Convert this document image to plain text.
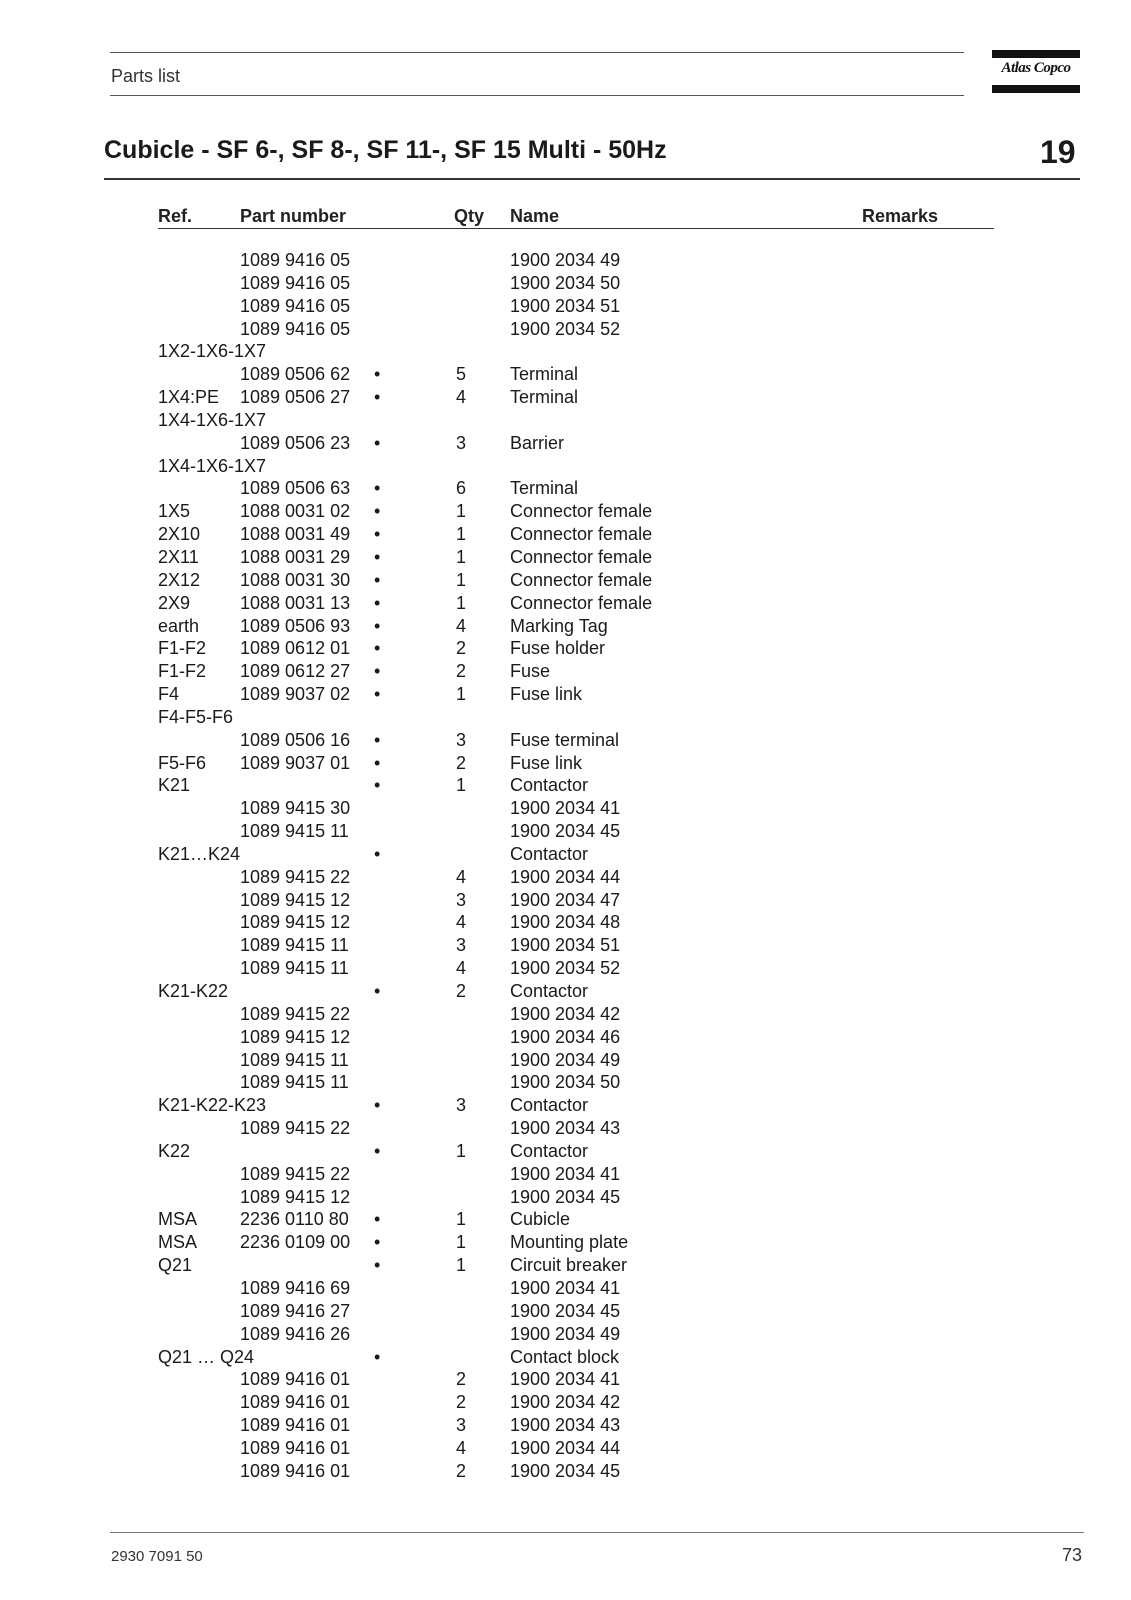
Parts list	Atlas Copco
Cubicle - SF 6-, SF 8-, SF 11-, SF 15 Multi - 50Hz	19
Ref.	Part number	Qty Name	Remarks
1089 9416 05	1900 2034 49
1089 9416 05	1900 2034 50
1089 9416 05	1900 2034 51
1089 9416 05	1900 2034 52
1X2-1X6-1X7
1089 0506 62 •	5 Terminal
1X4:PE 1089 0506 27 •	4 Terminal
1X4-1X6-1X7
1089 0506 23 •	3 Barrier
1X4-1X6-1X7
1089 0506 63 •	6 Terminal
1X5	1088 0031 02 •	1 Connector female
2X10 1088 0031 49 •	1 Connector female
2X11 1088 0031 29 •	1 Connector female
2X12 1088 0031 30 •	1 Connector female
2X9	1088 0031 13 •	1 Connector female
earth 1089 0506 93 •	4 Marking Tag
F1-F2 1089 0612 01 •	2 Fuse holder
F1-F2 1089 0612 27 •	2 Fuse
F4	1089 9037 02 •	1 Fuse link
F4-F5-F6
1089 0506 16 •	3 Fuse terminal
F5-F6 1089 9037 01 •	2 Fuse link
K21	•	1 Contactor
1089 9415 30	1900 2034 41
1089 9415 11	1900 2034 45
K21…K24	•	Contactor
1089 9415 22	4 1900 2034 44
1089 9415 12	3 1900 2034 47
1089 9415 12	4 1900 2034 48
1089 9415 11	3 1900 2034 51
1089 9415 11	4 1900 2034 52
K21-K22	•	2 Contactor
1089 9415 22	1900 2034 42
1089 9415 12	1900 2034 46
1089 9415 11	1900 2034 49
1089 9415 11	1900 2034 50
K21-K22-K23	•	3 Contactor
1089 9415 22	1900 2034 43
K22	•	1 Contactor
1089 9415 22	1900 2034 41
1089 9415 12	1900 2034 45
MSA 2236 0110 80 •	1 Cubicle
MSA 2236 0109 00 •	1 Mounting plate
Q21	•	1 Circuit breaker
1089 9416 69	1900 2034 41
1089 9416 27	1900 2034 45
1089 9416 26	1900 2034 49
Q21 … Q24	•	Contact block
1089 9416 01	2 1900 2034 41
1089 9416 01	2 1900 2034 42
1089 9416 01	3 1900 2034 43
1089 9416 01	4 1900 2034 44
1089 9416 01	2 1900 2034 45
2930 7091 50	73
